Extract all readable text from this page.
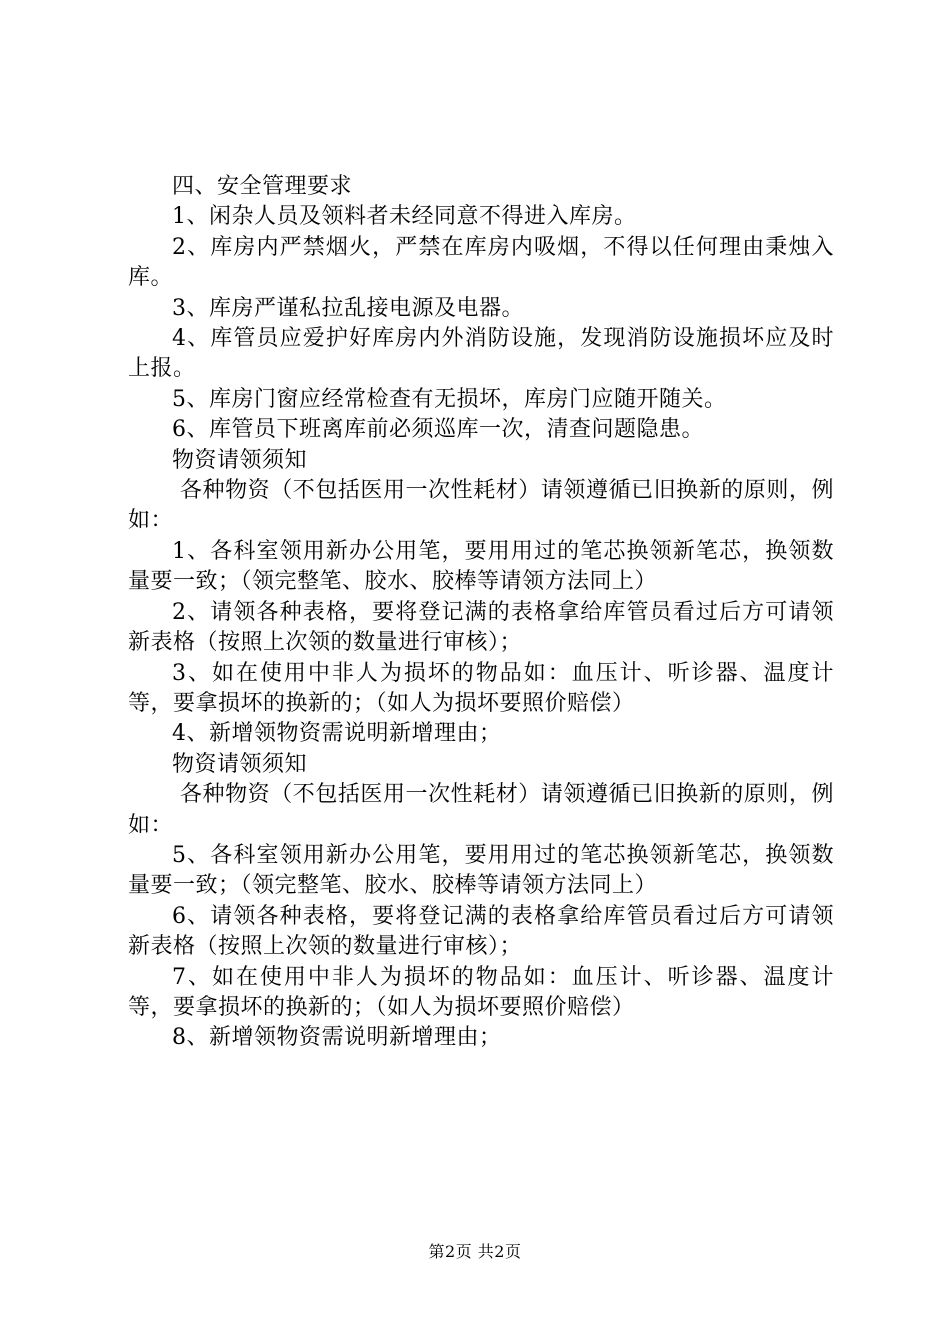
四、安全管理要求

1、闲杂人员及领料者未经同意不得进入库房。

2、库房内严禁烟火，严禁在库房内吸烟，不得以任何理由秉烛入库。

3、库房严谨私拉乱接电源及电器。

4、库管员应爱护好库房内外消防设施，发现消防设施损坏应及时上报。

5、库房门窗应经常检查有无损坏，库房门应随开随关。

6、库管员下班离库前必须巡库一次，清查问题隐患。

物资请领须知

各种物资（不包括医用一次性耗材）请领遵循已旧换新的原则，例如：

1、各科室领用新办公用笔，要用用过的笔芯换领新笔芯，换领数量要一致；（领完整笔、胶水、胶棒等请领方法同上）

2、请领各种表格，要将登记满的表格拿给库管员看过后方可请领新表格（按照上次领的数量进行审核）；

3、如在使用中非人为损坏的物品如：血压计、听诊器、温度计等，要拿损坏的换新的；（如人为损坏要照价赔偿）

4、新增领物资需说明新增理由；

物资请领须知

各种物资（不包括医用一次性耗材）请领遵循已旧换新的原则，例如：

5、各科室领用新办公用笔，要用用过的笔芯换领新笔芯，换领数量要一致；（领完整笔、胶水、胶棒等请领方法同上）

6、请领各种表格，要将登记满的表格拿给库管员看过后方可请领新表格（按照上次领的数量进行审核）；

7、如在使用中非人为损坏的物品如：血压计、听诊器、温度计等，要拿损坏的换新的；（如人为损坏要照价赔偿）

8、新增领物资需说明新增理由；

第2页 共2页
